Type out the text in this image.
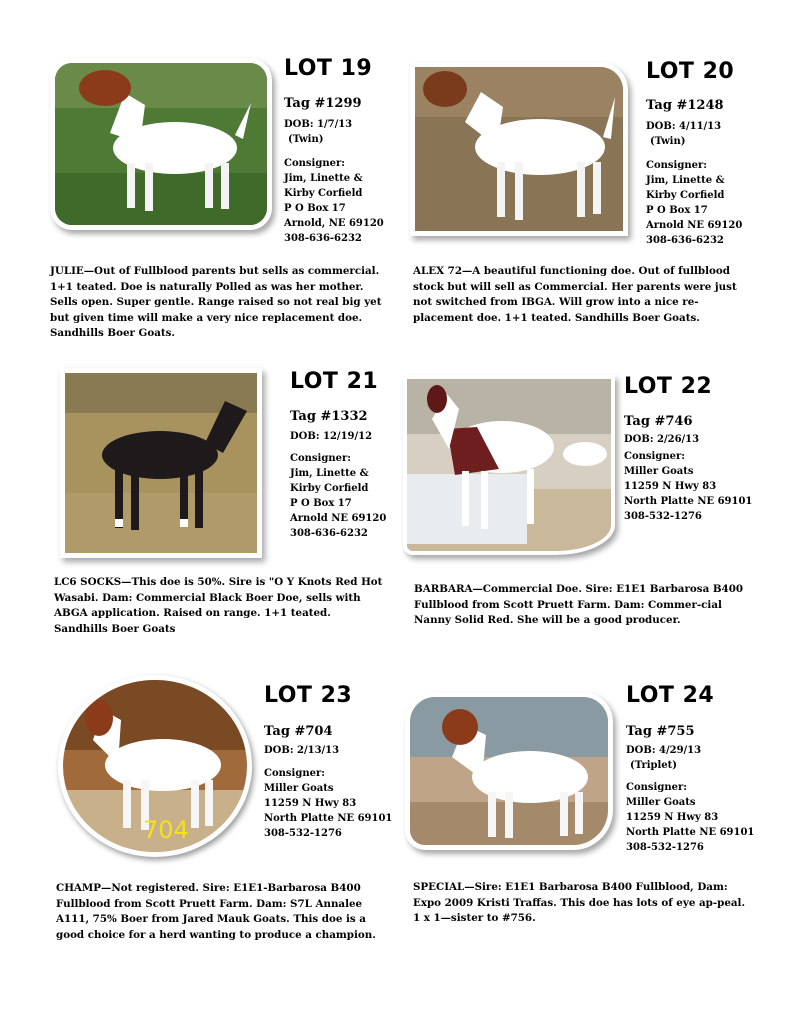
LOT 19
Tag #1299
DOB: 1/7/13
(Twin)
Consigner:
Jim, Linette &
Kirby Corfield
P O Box 17
Arnold, NE 69120
308-636-6232
JULIE—Out of Fullblood parents but sells as commercial. 1+1 teated. Doe is naturally Polled as was her mother. Sells open. Super gentle. Range raised so not real big yet but given time will make a very nice replacement doe. Sandhills Boer Goats.
LOT 20
Tag #1248
DOB: 4/11/13
(Twin)
Consigner:
Jim, Linette &
Kirby Corfield
P O Box 17
Arnold NE 69120
308-636-6232
ALEX 72—A beautiful functioning doe. Out of fullblood stock but will sell as Commercial. Her parents were just not switched from IBGA. Will grow into a nice re-placement doe. 1+1 teated. Sandhills Boer Goats.
LOT 21
Tag #1332
DOB: 12/19/12
Consigner:
Jim, Linette &
Kirby Corfield
P O Box 17
Arnold NE 69120
308-636-6232
LC6 SOCKS—This doe is 50%. Sire is "O Y Knots Red Hot Wasabi. Dam: Commercial Black Boer Doe, sells with ABGA application. Raised on range. 1+1 teated. Sandhills Boer Goats
LOT 22
Tag #746
DOB: 2/26/13
Consigner:
Miller Goats
11259 N Hwy 83
North Platte NE 69101
308-532-1276
BARBARA—Commercial Doe. Sire: E1E1 Barbarosa B400 Fullblood from Scott Pruett Farm. Dam: Commer-cial Nanny Solid Red. She will be a good producer.
704
LOT 23
Tag #704
DOB: 2/13/13
Consigner:
Miller Goats
11259 N Hwy 83
North Platte NE 69101
308-532-1276
CHAMP—Not registered. Sire: E1E1-Barbarosa B400 Fullblood from Scott Pruett Farm. Dam: S7L Annalee A111, 75% Boer from Jared Mauk Goats. This doe is a good choice for a herd wanting to produce a champion.
LOT 24
Tag #755
DOB: 4/29/13
(Triplet)
Consigner:
Miller Goats
11259 N Hwy 83
North Platte NE 69101
308-532-1276
SPECIAL—Sire: E1E1 Barbarosa B400 Fullblood, Dam: Expo 2009 Kristi Traffas. This doe has lots of eye ap-peal. 1 x 1—sister to #756.
